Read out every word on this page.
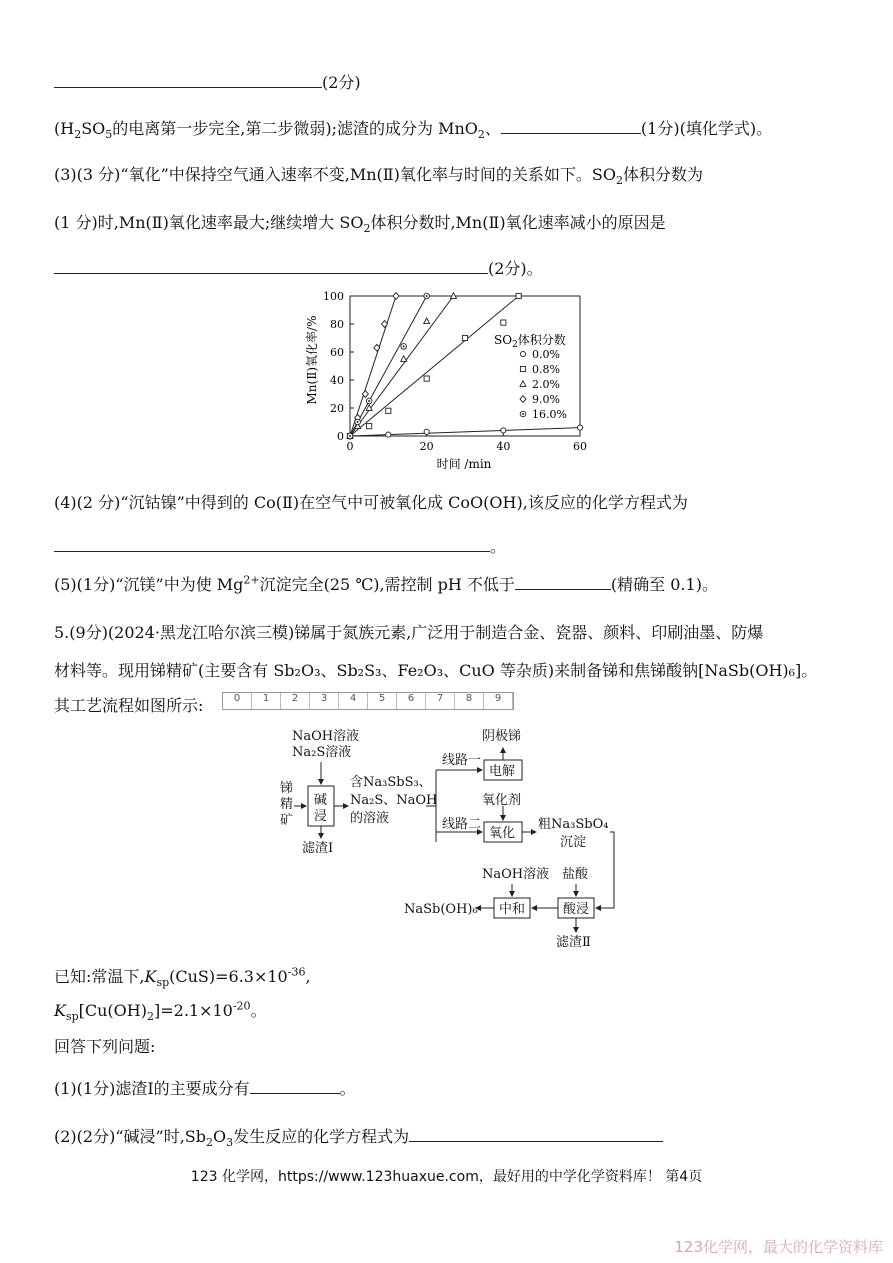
(2分)
($H_2SO_5$的电离第一步完全,第二步微弱);滤渣的成分为 MnO$_2$、	(1分)(填化学式)。
(3)(3 分)“氧化”中保持空气通入速率不变,Mn(Ⅱ)氧化率与时间的关系如下。$SO_2$体积分数为
(1 分)时,Mn(Ⅱ)氧化速率最大;继续增大 $SO_2$体积分数时,Mn(Ⅱ)氧化速率减小的原因是
(2分)。
0
20
40
60
80
100
0	20	40	60
$SO_2$体积分数
0.0%
0.8%
2.0%
9.0%
16.0%
Mn(Ⅱ)氧化率/%
时间 /min
(4)(2 分)“沉钴镍”中得到的 Co(Ⅱ)在空气中可被氧化成 CoO(OH),该反应的化学方程式为
。
(5)(1分)“沉镁”中为使 $Mg^{2+}$沉淀完全(25 ℃),需控制 pH 不低于	(精确至 0.1)。
5.(9分)(2024·黑龙江哈尔滨三模)锑属于氮族元素,广泛用于制造合金、瓷器、颜料、印刷油墨、防爆
材料等。现用锑精矿(主要含有 Sb₂O₃、Sb₂S₃、Fe₂O₃、CuO 等杂质)来制备锑和焦锑酸钠[NaSb(OH)₆]。
其工艺流程如图所示:	0	1	2	3	4	5	6	7	8	9
NaOH溶液
Na₂S溶液
锑
精
矿
碱
浸
滤渣Ⅰ
含Na₃SbS₃、
Na₂S、NaOH
的溶液
线路一
线路二
电解
阴极锑
氧化剂
氧化
粗Na₃SbO₄
沉淀
NaOH溶液 盐酸
中和	酸浸
NaSb(OH)₆
滤渣Ⅱ
已知:常温下$,K_{sp}(CuS)=6.3\times 10^{-36}$,
$K_{sp}[Cu(OH)_2]=2.1\times 10^{-20}$。
回答下列问题:
(1)(1分)滤渣Ⅰ的主要成分有	。
(2)(2分)“碱浸”时$,Sb_2O_3$发生反应的化学方程式为
123 化学网，https://www.123huaxue.com，最好用的中学化学资料库！ 第4页
123化学网，最大的化学资料库
